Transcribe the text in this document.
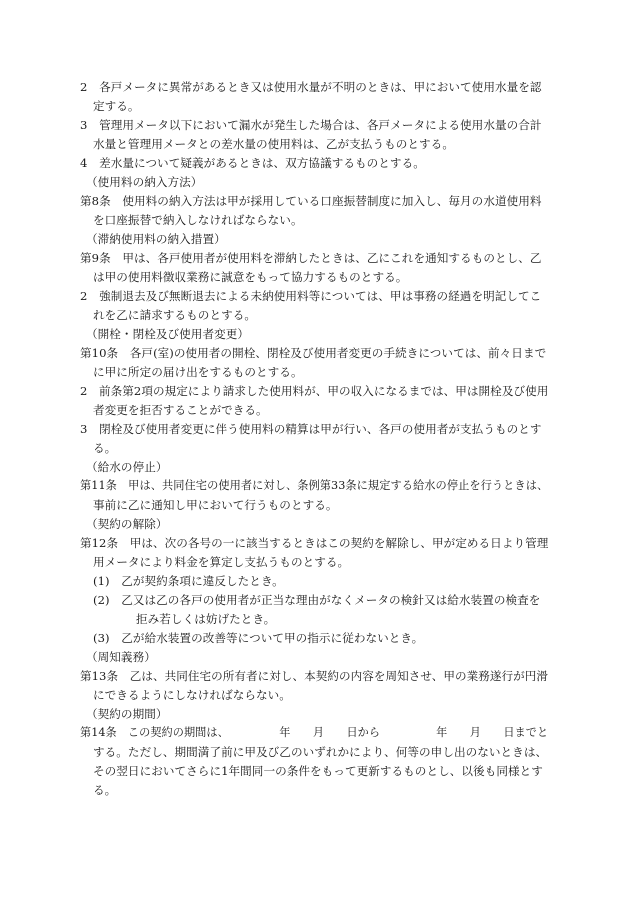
2　各戸メータに異常があるとき又は使用水量が不明のときは、甲において使用水量を認

定する。

3　管理用メータ以下において漏水が発生した場合は、各戸メータによる使用水量の合計

水量と管理用メータとの差水量の使用料は、乙が支払うものとする。

4　差水量について疑義があるときは、双方協議するものとする。

（使用料の納入方法）

第8条　使用料の納入方法は甲が採用している口座振替制度に加入し、毎月の水道使用料

を口座振替で納入しなければならない。

（滞納使用料の納入措置）

第9条　甲は、各戸使用者が使用料を滞納したときは、乙にこれを通知するものとし、乙

は甲の使用料徴収業務に誠意をもって協力するものとする。

2　強制退去及び無断退去による未納使用料等については、甲は事務の経過を明記してこ

れを乙に請求するものとする。

（開栓・閉栓及び使用者変更）

第10条　各戸(室)の使用者の開栓、閉栓及び使用者変更の手続きについては、前々日まで

に甲に所定の届け出をするものとする。

2　前条第2項の規定により請求した使用料が、甲の収入になるまでは、甲は開栓及び使用

者変更を拒否することができる。

3　閉栓及び使用者変更に伴う使用料の精算は甲が行い、各戸の使用者が支払うものとす

る。

（給水の停止）

第11条　甲は、共同住宅の使用者に対し、条例第33条に規定する給水の停止を行うときは、

事前に乙に通知し甲において行うものとする。

（契約の解除）

第12条　甲は、次の各号の一に該当するときはこの契約を解除し、甲が定める日より管理

用メータにより料金を算定し支払うものとする。

(1)　乙が契約条項に違反したとき。

(2)　乙又は乙の各戸の使用者が正当な理由がなくメータの検針又は給水装置の検査を

拒み若しくは妨げたとき。

(3)　乙が給水装置の改善等について甲の指示に従わないとき。

（周知義務）

第13条　乙は、共同住宅の所有者に対し、本契約の内容を周知させ、甲の業務遂行が円滑

にできるようにしなければならない。

（契約の期間）

第14条　この契約の期間は、　　　　　年　　月　　日から　　　　　年　　月　　日までと

する。ただし、期間満了前に甲及び乙のいずれかにより、何等の申し出のないときは、

その翌日においてさらに1年間同一の条件をもって更新するものとし、以後も同様とす

る。
